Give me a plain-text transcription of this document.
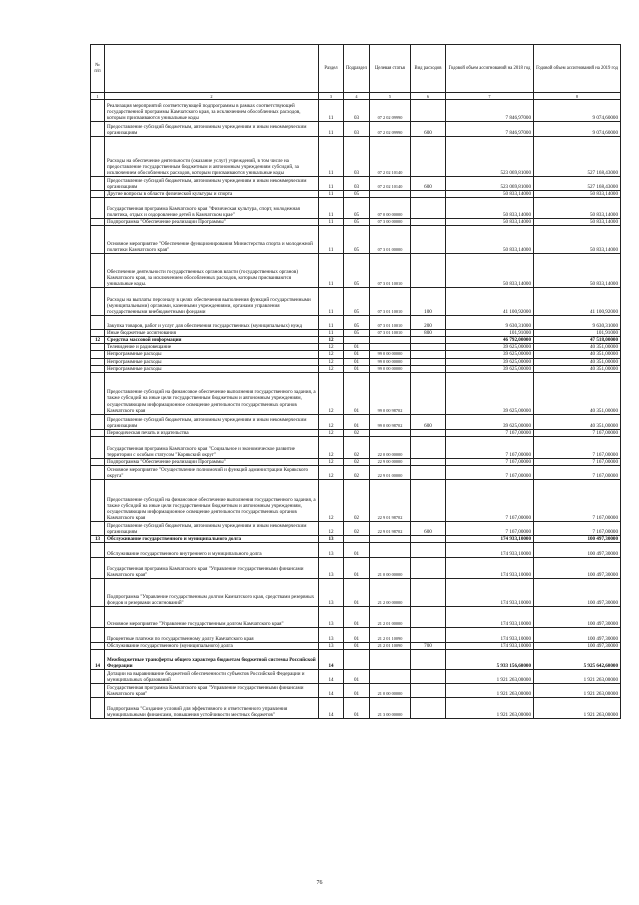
№ п/п		Раздел	Подраздел	Целевая статья	Вид расходов	Годовой объем ассигнований на 2018 год	Годовой объем ассигнований на 2019 год
1	2	3	4	5	6	7	8
	Реализация мероприятий соответствующей подпрограммы в рамках соответствующей государственной программы Камчатского края, за исключением обособленных расходов, которым присваиваются уникальные коды	11	03	07 2 02 09990		7 846,97000	9 074,60000
	Предоставление субсидий бюджетным, автономным учреждениям и иным некоммерческим организациям	11	03	07 2 02 09990	600	7 846,97000	9 074,60000
	Расходы на обеспечение деятельности (оказание услуг) учреждений, в том числе на предоставление государственным бюджетным и автономным учреждениям субсидий, за исключением обособленных расходов, которым присваиваются уникальные коды	11	03	07 2 02 10140		523 069,81000	527 168,43000
	Предоставление субсидий бюджетным, автономным учреждениям и иным некоммерческим организациям	11	03	07 2 02 10140	600	523 069,81000	527 168,43000
	Другие вопросы в области физической культуры и спорта	11	05			50 833,14000	50 833,14000
	Государственная программа Камчатского края "Физическая культура, спорт, молодежная политика, отдых и оздоровление детей в Камчатском крае"	11	05	07 0 00 00000		50 833,14000	50 833,14000
	Подпрограмма "Обеспечение реализации Программы"	11	05	07 3 00 00000		50 833,14000	50 833,14000
	Основное мероприятие "Обеспечение функционирования Министерства спорта и молодежной политики Камчатского края"	11	05	07 3 01 00000		50 833,14000	50 833,14000
	Обеспечение деятельности государственных органов власти (государственных органов) Камчатского края, за исключением обособленных расходов, которым присваиваются уникальные коды.	11	05	07 3 01 10010		50 833,14000	50 833,14000
	Расходы на выплаты персоналу в целях обеспечения выполнения функций государственными (муниципальными) органами, казенными учреждениями, органами управления государственными внебюджетными фондами	11	05	07 3 01 10010	100	41 100,92000	41 100,92000
	Закупка товаров, работ и услуг для обеспечения государственных (муниципальных) нужд	11	05	07 3 01 10010	200	9 630,31000	9 630,31000
	Иные бюджетные ассигнования	11	05	07 3 01 10010	800	101,91000	101,91000
12	Средства массовой информации	12				46 792,00000	47 518,00000
	Телевидение и радиовещание	12	01			39 625,00000	40 351,00000
	Непрограммные расходы	12	01	99 0 00 00000		39 625,00000	40 351,00000
	Непрограммные расходы	12	01	99 0 00 00000		39 625,00000	40 351,00000
	Непрограммные расходы	12	01	99 0 00 00000		39 625,00000	40 351,00000
	Предоставление субсидий на финансовое обеспечение выполнения государственного задания, а также субсидий на иные цели государственным бюджетным и автономным учреждениям, осуществляющим информационное освещение деятельности государственных органов Камчатского края	12	01	99 0 00 98702		39 625,00000	40 351,00000
	Предоставление субсидий бюджетным, автономным учреждениям и иным некоммерческим организациям	12	01	99 0 00 98702	600	39 625,00000	40 351,00000
	Периодическая печать и издательства	12	02			7 167,00000	7 167,00000
	Государственная программа Камчатского края "Социальное и экономическое развитие территории с особым статусом "Корякский округ"	12	02	22 0 00 00000		7 167,00000	7 167,00000
	Подпрограмма "Обеспечение реализации Программы"	12	02	22 9 00 00000		7 167,00000	7 167,00000
	Основное мероприятие "Осуществление полномочий и функций администрации Корякского округа"	12	02	22 9 01 00000		7 167,00000	7 167,00000
	Предоставление субсидий на финансовое обеспечение выполнения государственного задания, а также субсидий на иные цели государственным бюджетным и автономным учреждениям, осуществляющим информационное освещение деятельности государственных органов Камчатского края	12	02	22 9 01 98702		7 167,00000	7 167,00000
	Предоставление субсидий бюджетным, автономным учреждениям и иным некоммерческим организациям	12	02	22 9 01 98702	600	7 167,00000	7 167,00000
13	Обслуживание государственного и муниципального долга	13				174 933,10000	100 497,30000
	Обслуживание государственного внутреннего и муниципального долга	13	01			174 933,10000	100 497,30000
	Государственная программа Камчатского края "Управление государственными финансами Камчатского края"	13	01	21 0 00 00000		174 933,10000	100 497,30000
	Подпрограмма "Управление государственным долгом Камчатского края, средствами резервных фондов и резервами ассигнований"	13	01	21 2 00 00000		174 933,10000	100 497,30000
	Основное мероприятие "Управление государственным долгом Камчатского края"	13	01	21 2 01 00000		174 933,10000	100 497,30000
	Процентные платежи по государственному долгу Камчатского края	13	01	21 2 01 10090		174 933,10000	100 497,30000
	Обслуживание государственного (муниципального) долга	13	01	21 2 01 10090	700	174 933,10000	100 497,30000
14	Межбюджетные трансферты общего характера бюджетам бюджетной системы Российской Федерации	14				5 933 156,60000	5 925 642,60000
	Дотации на выравнивание бюджетной обеспеченности субъектов Российской Федерации и муниципальных образований	14	01			1 921 263,00000	1 921 263,00000
	Государственная программа Камчатского края "Управление государственными финансами Камчатского края"	14	01	21 0 00 00000		1 921 263,00000	1 921 263,00000
	Подпрограмма "Создание условий для эффективного и ответственного управления муниципальными финансами, повышения устойчивости местных бюджетов"	14	01	21 3 00 00000		1 921 263,00000	1 921 263,00000
76
